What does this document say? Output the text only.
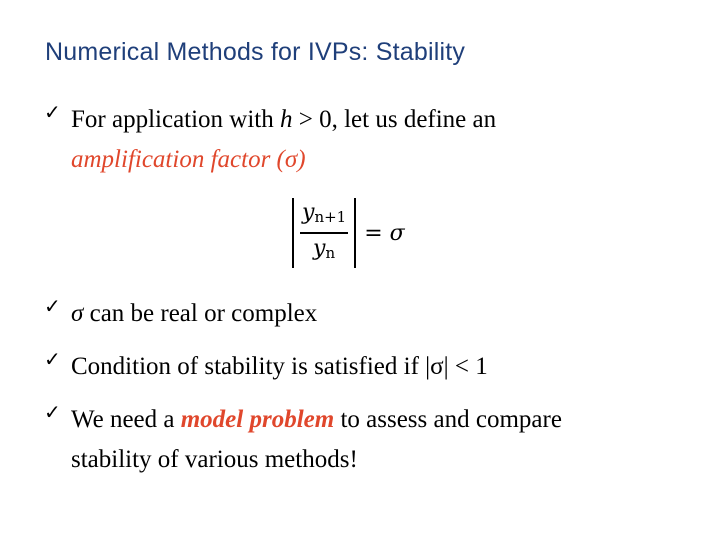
Numerical Methods for IVPs: Stability
✓ For application with h > 0, let us define an
amplification factor (σ)
✓ σ can be real or complex
✓ Condition of stability is satisfied if |σ| < 1
✓ We need a model problem to assess and compare
stability of various methods!
$\frac{y_{n+1}}{y_n} = \sigma$
